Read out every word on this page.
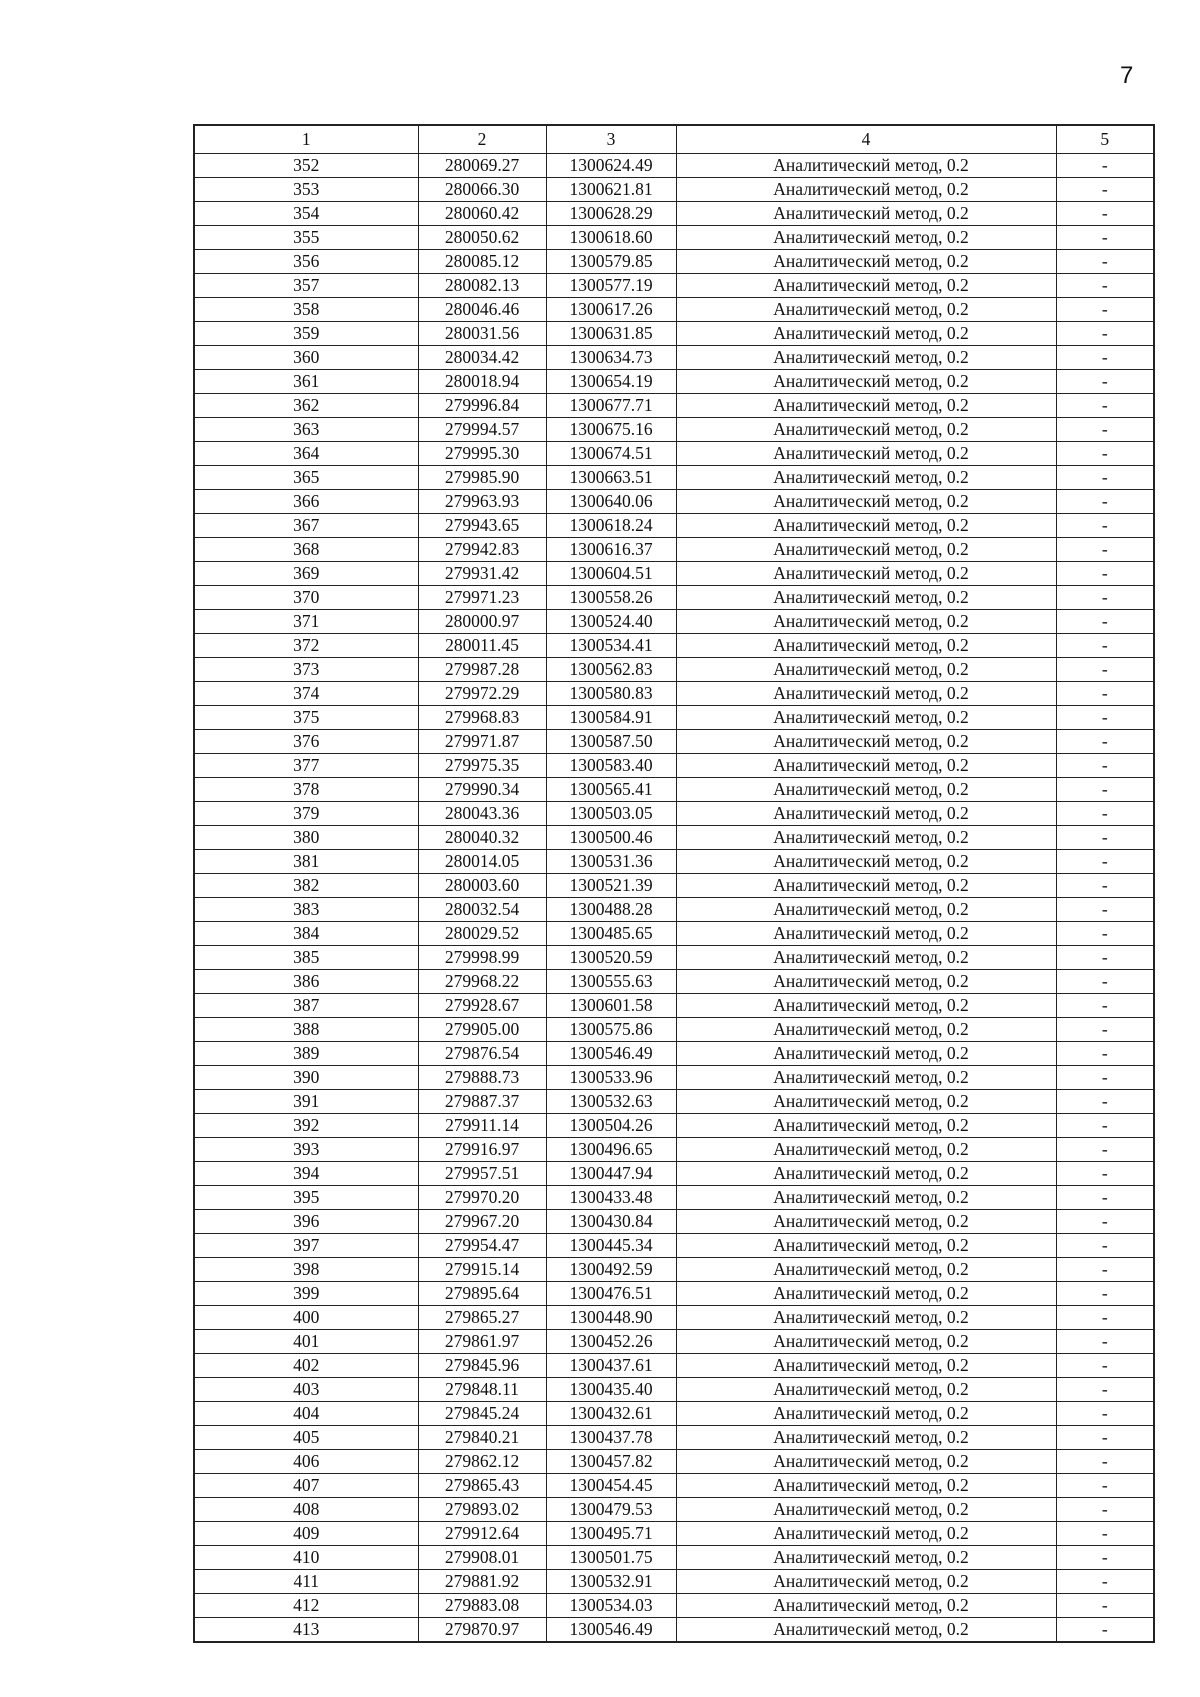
7
1	2	3	4	5
352	280069.27	1300624.49	Аналитический метод, 0.2	-
353	280066.30	1300621.81	Аналитический метод, 0.2	-
354	280060.42	1300628.29	Аналитический метод, 0.2	-
355	280050.62	1300618.60	Аналитический метод, 0.2	-
356	280085.12	1300579.85	Аналитический метод, 0.2	-
357	280082.13	1300577.19	Аналитический метод, 0.2	-
358	280046.46	1300617.26	Аналитический метод, 0.2	-
359	280031.56	1300631.85	Аналитический метод, 0.2	-
360	280034.42	1300634.73	Аналитический метод, 0.2	-
361	280018.94	1300654.19	Аналитический метод, 0.2	-
362	279996.84	1300677.71	Аналитический метод, 0.2	-
363	279994.57	1300675.16	Аналитический метод, 0.2	-
364	279995.30	1300674.51	Аналитический метод, 0.2	-
365	279985.90	1300663.51	Аналитический метод, 0.2	-
366	279963.93	1300640.06	Аналитический метод, 0.2	-
367	279943.65	1300618.24	Аналитический метод, 0.2	-
368	279942.83	1300616.37	Аналитический метод, 0.2	-
369	279931.42	1300604.51	Аналитический метод, 0.2	-
370	279971.23	1300558.26	Аналитический метод, 0.2	-
371	280000.97	1300524.40	Аналитический метод, 0.2	-
372	280011.45	1300534.41	Аналитический метод, 0.2	-
373	279987.28	1300562.83	Аналитический метод, 0.2	-
374	279972.29	1300580.83	Аналитический метод, 0.2	-
375	279968.83	1300584.91	Аналитический метод, 0.2	-
376	279971.87	1300587.50	Аналитический метод, 0.2	-
377	279975.35	1300583.40	Аналитический метод, 0.2	-
378	279990.34	1300565.41	Аналитический метод, 0.2	-
379	280043.36	1300503.05	Аналитический метод, 0.2	-
380	280040.32	1300500.46	Аналитический метод, 0.2	-
381	280014.05	1300531.36	Аналитический метод, 0.2	-
382	280003.60	1300521.39	Аналитический метод, 0.2	-
383	280032.54	1300488.28	Аналитический метод, 0.2	-
384	280029.52	1300485.65	Аналитический метод, 0.2	-
385	279998.99	1300520.59	Аналитический метод, 0.2	-
386	279968.22	1300555.63	Аналитический метод, 0.2	-
387	279928.67	1300601.58	Аналитический метод, 0.2	-
388	279905.00	1300575.86	Аналитический метод, 0.2	-
389	279876.54	1300546.49	Аналитический метод, 0.2	-
390	279888.73	1300533.96	Аналитический метод, 0.2	-
391	279887.37	1300532.63	Аналитический метод, 0.2	-
392	279911.14	1300504.26	Аналитический метод, 0.2	-
393	279916.97	1300496.65	Аналитический метод, 0.2	-
394	279957.51	1300447.94	Аналитический метод, 0.2	-
395	279970.20	1300433.48	Аналитический метод, 0.2	-
396	279967.20	1300430.84	Аналитический метод, 0.2	-
397	279954.47	1300445.34	Аналитический метод, 0.2	-
398	279915.14	1300492.59	Аналитический метод, 0.2	-
399	279895.64	1300476.51	Аналитический метод, 0.2	-
400	279865.27	1300448.90	Аналитический метод, 0.2	-
401	279861.97	1300452.26	Аналитический метод, 0.2	-
402	279845.96	1300437.61	Аналитический метод, 0.2	-
403	279848.11	1300435.40	Аналитический метод, 0.2	-
404	279845.24	1300432.61	Аналитический метод, 0.2	-
405	279840.21	1300437.78	Аналитический метод, 0.2	-
406	279862.12	1300457.82	Аналитический метод, 0.2	-
407	279865.43	1300454.45	Аналитический метод, 0.2	-
408	279893.02	1300479.53	Аналитический метод, 0.2	-
409	279912.64	1300495.71	Аналитический метод, 0.2	-
410	279908.01	1300501.75	Аналитический метод, 0.2	-
411	279881.92	1300532.91	Аналитический метод, 0.2	-
412	279883.08	1300534.03	Аналитический метод, 0.2	-
413	279870.97	1300546.49	Аналитический метод, 0.2	-
